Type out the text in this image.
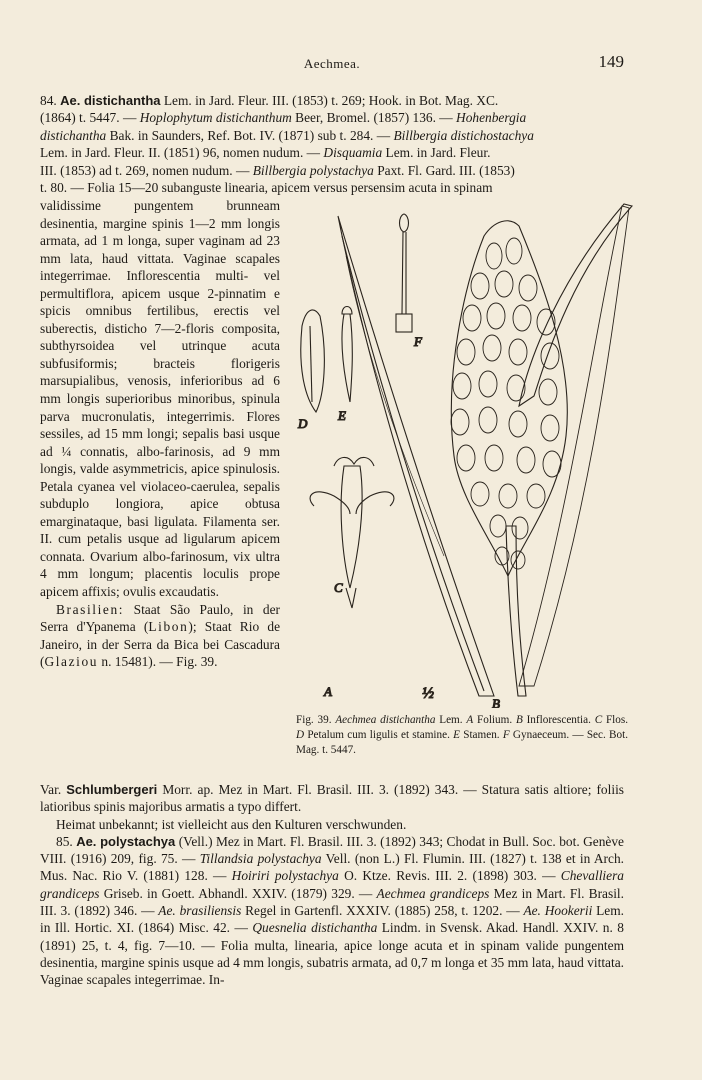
Aechmea.	149

84. Ae. distichantha Lem. in Jard. Fleur. III. (1853) t. 269; Hook. in Bot. Mag. XC.

(1864) t. 5447. — Hoplophytum distichanthum Beer, Bromel. (1857) 136. — Hohenbergia

distichantha Bak. in Saunders, Ref. Bot. IV. (1871) sub t. 284. — Billbergia distichostachya

Lem. in Jard. Fleur. II. (1851) 96, nomen nudum. — Disquamia Lem. in Jard. Fleur.

III. (1853) ad t. 269, nomen nudum. — Billbergia polystachya Paxt. Fl. Gard. III. (1853)

t. 80. — Folia 15—20 subanguste linearia, apicem versus persensim acuta in spinam

validissime pungentem brunneam desinentia, margine spinis 1—2 mm longis armata, ad 1 m longa, super vaginam ad 23 mm lata, haud vittata. Vaginae scapales integerrimae. Inflorescentia multi- vel permultiflora, apicem usque 2-pinnatim e spicis omnibus fertilibus, erectis vel suberectis, disticho 7—2-floris composita, subthyrsoidea vel utrinque acuta subfusiformis; bracteis florigeris marsupialibus, venosis, inferioribus ad 6 mm longis superioribus minoribus, spinula parva mucronulatis, integerrimis. Flores sessiles, ad 15 mm longi; sepalis basi usque ad ¼ connatis, albo-farinosis, ad 9 mm longis, valde asymmetricis, apice spinulosis. Petala cyanea vel violaceo-caerulea, sepalis subduplo longiora, apice obtusa emarginataque, basi ligulata. Filamenta ser. II. cum petalis usque ad ligularum apicem connata. Ovarium albo-farinosum, vix ultra 4 mm longum; placentis loculis prope apicem affixis; ovulis excaudatis.

Brasilien: Staat São Paulo, in der Serra d'Ypanema (Libon); Staat Rio de Janeiro, in der Serra da Bica bei Cascadura (Glaziou n. 15481). — Fig. 39.

D
E
F
C
A
B
½
Fig. 39. Aechmea distichantha Lem. A Folium. B Inflorescentia. C Flos. D Petalum cum ligulis et stamine. E Stamen. F Gynaeceum. — Sec. Bot. Mag. t. 5447.

Var. Schlumbergeri Morr. ap. Mez in Mart. Fl. Brasil. III. 3. (1892) 343. — Statura satis altiore; foliis latioribus spinis majoribus armatis a typo differt.

Heimat unbekannt; ist vielleicht aus den Kulturen verschwunden.

85. Ae. polystachya (Vell.) Mez in Mart. Fl. Brasil. III. 3. (1892) 343; Chodat in Bull. Soc. bot. Genève VIII. (1916) 209, fig. 75. — Tillandsia polystachya Vell. (non L.) Fl. Flumin. III. (1827) t. 138 et in Arch. Mus. Nac. Rio V. (1881) 128. — Hoiriri polystachya O. Ktze. Revis. III. 2. (1898) 303. — Chevalliera grandiceps Griseb. in Goett. Abhandl. XXIV. (1879) 329. — Aechmea grandiceps Mez in Mart. Fl. Brasil. III. 3. (1892) 346. — Ae. brasiliensis Regel in Gartenfl. XXXIV. (1885) 258, t. 1202. — Ae. Hookerii Lem. in Ill. Hortic. XI. (1864) Misc. 42. — Quesnelia distichantha Lindm. in Svensk. Akad. Handl. XXIV. n. 8 (1891) 25, t. 4, fig. 7—10. — Folia multa, linearia, apice longe acuta et in spinam valide pungentem desinentia, margine spinis usque ad 4 mm longis, subatris armata, ad 0,7 m longa et 35 mm lata, haud vittata. Vaginae scapales integerrimae. In-
